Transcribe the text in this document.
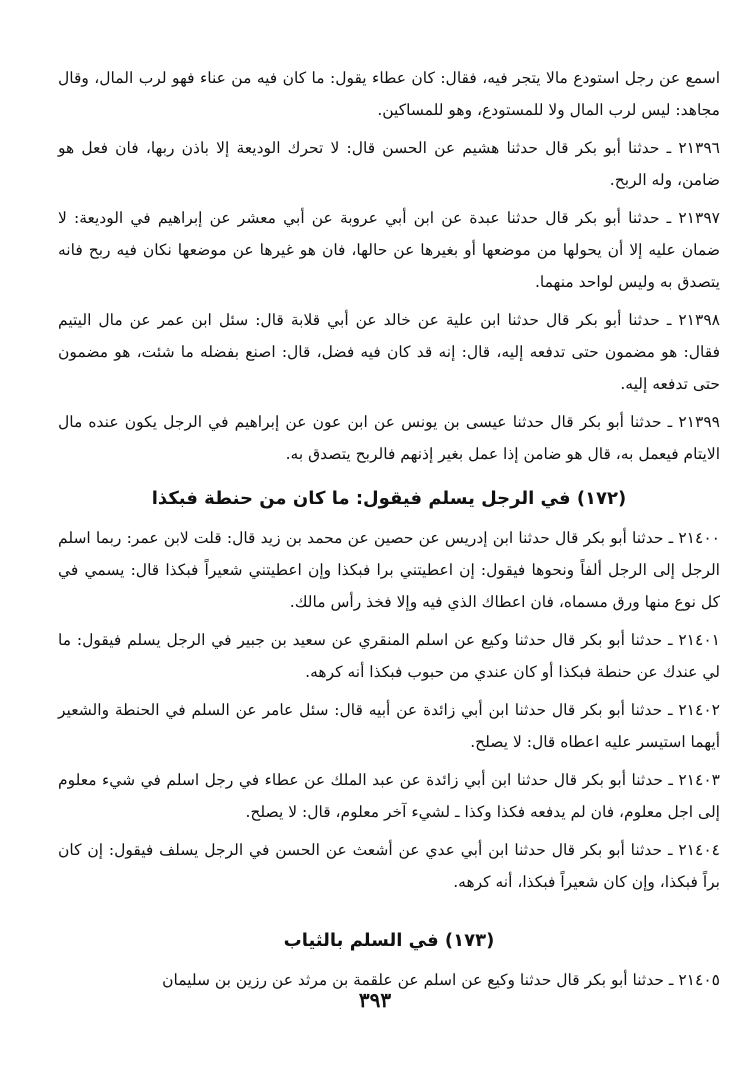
اسمع عن رجل استودع مالا يتجر فيه، فقال: كان عطاء يقول: ما كان فيه من عناء فهو لرب المال، وقال مجاهد: ليس لرب المال ولا للمستودع، وهو للمساكين.

٢١٣٩٦ ـ حدثنا أبو بكر قال حدثنا هشيم عن الحسن قال: لا تحرك الوديعة إلا باذن ربها، فان فعل هو ضامن، وله الربح.

٢١٣٩٧ ـ حدثنا أبو بكر قال حدثنا عبدة عن ابن أبي عروبة عن أبي معشر عن إبراهيم في الوديعة: لا ضمان عليه إلا أن يحولها من موضعها أو بغيرها عن حالها، فان هو غيرها عن موضعها نكان فيه ربح فانه يتصدق به وليس لواحد منهما.

٢١٣٩٨ ـ حدثنا أبو بكر قال حدثنا ابن علية عن خالد عن أبي قلابة قال: سئل ابن عمر عن مال اليتيم فقال: هو مضمون حتى تدفعه إليه، قال: إنه قد كان فيه فضل، قال: اصنع بفضله ما شئت، هو مضمون حتى تدفعه إليه.

٢١٣٩٩ ـ حدثنا أبو بكر قال حدثنا عيسى بن يونس عن ابن عون عن إبراهيم في الرجل يكون عنده مال الايتام فيعمل به، قال هو ضامن إذا عمل بغير إذنهم فالربح يتصدق به.

(١٧٢) في الرجل يسلم فيقول: ما كان من حنطة فبكذا

٢١٤٠٠ ـ حدثنا أبو بكر قال حدثنا ابن إدريس عن حصين عن محمد بن زيد قال: قلت لابن عمر: ربما اسلم الرجل إلى الرجل ألفاً ونحوها فيقول: إن اعطيتني برا فبكذا وإن اعطيتني شعيراً فبكذا قال: يسمي في كل نوع منها ورق مسماه، فان اعطاك الذي فيه وإلا فخذ رأس مالك.

٢١٤٠١ ـ حدثنا أبو بكر قال حدثنا وكيع عن اسلم المنقري عن سعيد بن جبير في الرجل يسلم فيقول: ما لي عندك عن حنطة فبكذا أو كان عندي من حبوب فبكذا أنه كرهه.

٢١٤٠٢ ـ حدثنا أبو بكر قال حدثنا ابن أبي زائدة عن أبيه قال: سئل عامر عن السلم في الحنطة والشعير أيهما استيسر عليه اعطاه قال: لا يصلح.

٢١٤٠٣ ـ حدثنا أبو بكر قال حدثنا ابن أبي زائدة عن عبد الملك عن عطاء في رجل اسلم في شيء معلوم إلى اجل معلوم، فان لم يدفعه فكذا وكذا ـ لشيء آخر معلوم، قال: لا يصلح.

٢١٤٠٤ ـ حدثنا أبو بكر قال حدثنا ابن أبي عدي عن أشعث عن الحسن في الرجل يسلف فيقول: إن كان براً فبكذا، وإن كان شعيراً فبكذا، أنه كرهه.

(١٧٣) في السلم بالثياب

٢١٤٠٥ ـ حدثنا أبو بكر قال حدثنا وكيع عن اسلم عن علقمة بن مرثد عن رزين بن سليمان

٣٩٣
